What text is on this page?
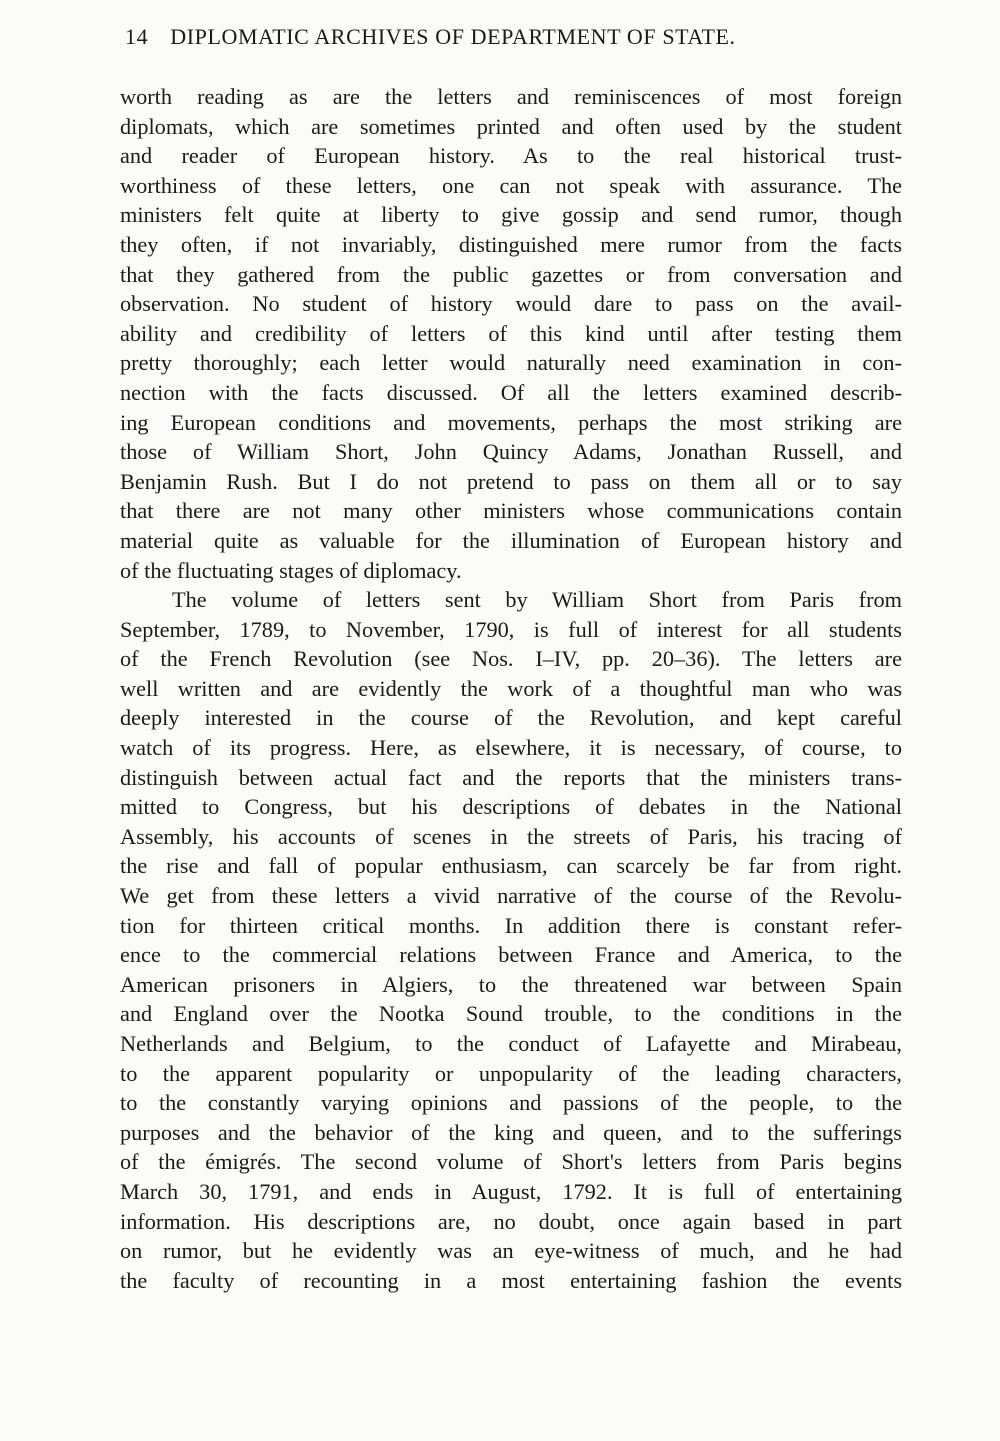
14 DIPLOMATIC ARCHIVES OF DEPARTMENT OF STATE.
worth reading as are the letters and reminiscences of most foreign
diplomats, which are sometimes printed and often used by the student
and reader of European history. As to the real historical trust-
worthiness of these letters, one can not speak with assurance. The
ministers felt quite at liberty to give gossip and send rumor, though
they often, if not invariably, distinguished mere rumor from the facts
that they gathered from the public gazettes or from conversation and
observation. No student of history would dare to pass on the avail-
ability and credibility of letters of this kind until after testing them
pretty thoroughly; each letter would naturally need examination in con-
nection with the facts discussed. Of all the letters examined describ-
ing European conditions and movements, perhaps the most striking are
those of William Short, John Quincy Adams, Jonathan Russell, and
Benjamin Rush. But I do not pretend to pass on them all or to say
that there are not many other ministers whose communications contain
material quite as valuable for the illumination of European history and
of the fluctuating stages of diplomacy.
The volume of letters sent by William Short from Paris from
September, 1789, to November, 1790, is full of interest for all students
of the French Revolution (see Nos. I–IV, pp. 20–36). The letters are
well written and are evidently the work of a thoughtful man who was
deeply interested in the course of the Revolution, and kept careful
watch of its progress. Here, as elsewhere, it is necessary, of course, to
distinguish between actual fact and the reports that the ministers trans-
mitted to Congress, but his descriptions of debates in the National
Assembly, his accounts of scenes in the streets of Paris, his tracing of
the rise and fall of popular enthusiasm, can scarcely be far from right.
We get from these letters a vivid narrative of the course of the Revolu-
tion for thirteen critical months. In addition there is constant refer-
ence to the commercial relations between France and America, to the
American prisoners in Algiers, to the threatened war between Spain
and England over the Nootka Sound trouble, to the conditions in the
Netherlands and Belgium, to the conduct of Lafayette and Mirabeau,
to the apparent popularity or unpopularity of the leading characters,
to the constantly varying opinions and passions of the people, to the
purposes and the behavior of the king and queen, and to the sufferings
of the émigrés. The second volume of Short's letters from Paris begins
March 30, 1791, and ends in August, 1792. It is full of entertaining
information. His descriptions are, no doubt, once again based in part
on rumor, but he evidently was an eye-witness of much, and he had
the faculty of recounting in a most entertaining fashion the events
